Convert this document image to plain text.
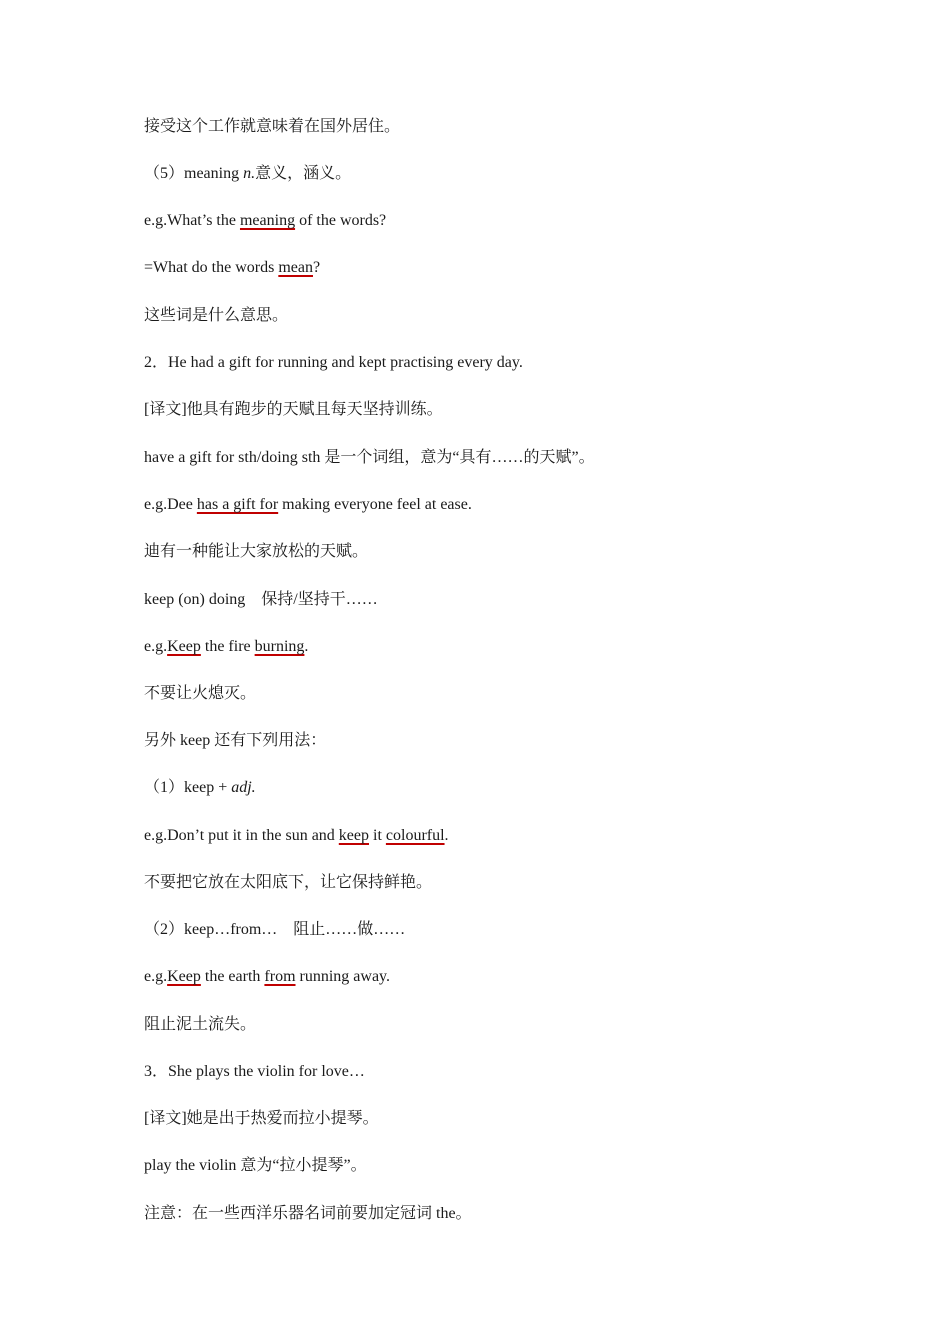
接受这个工作就意味着在国外居住。
（5）meaning n.意义，涵义。
e.g.What’s the meaning of the words?
=What do the words mean?
这些词是什么意思。
2．He had a gift for running and kept practising every day.
[译文]他具有跑步的天赋且每天坚持训练。
have a gift for sth/doing sth 是一个词组，意为“具有……的天赋”。
e.g.Dee has a gift for making everyone feel at ease.
迪有一种能让大家放松的天赋。
keep (on) doing　保持/坚持干……
e.g.Keep the fire burning.
不要让火熄灭。
另外 keep 还有下列用法：
（1）keep + adj.
e.g.Don’t put it in the sun and keep it colourful.
不要把它放在太阳底下，让它保持鲜艳。
（2）keep…from…　阻止……做……
e.g.Keep the earth from running away.
阻止泥土流失。
3．She plays the violin for love…
[译文]她是出于热爱而拉小提琴。
play the violin 意为“拉小提琴”。
注意：在一些西洋乐器名词前要加定冠词 the。
